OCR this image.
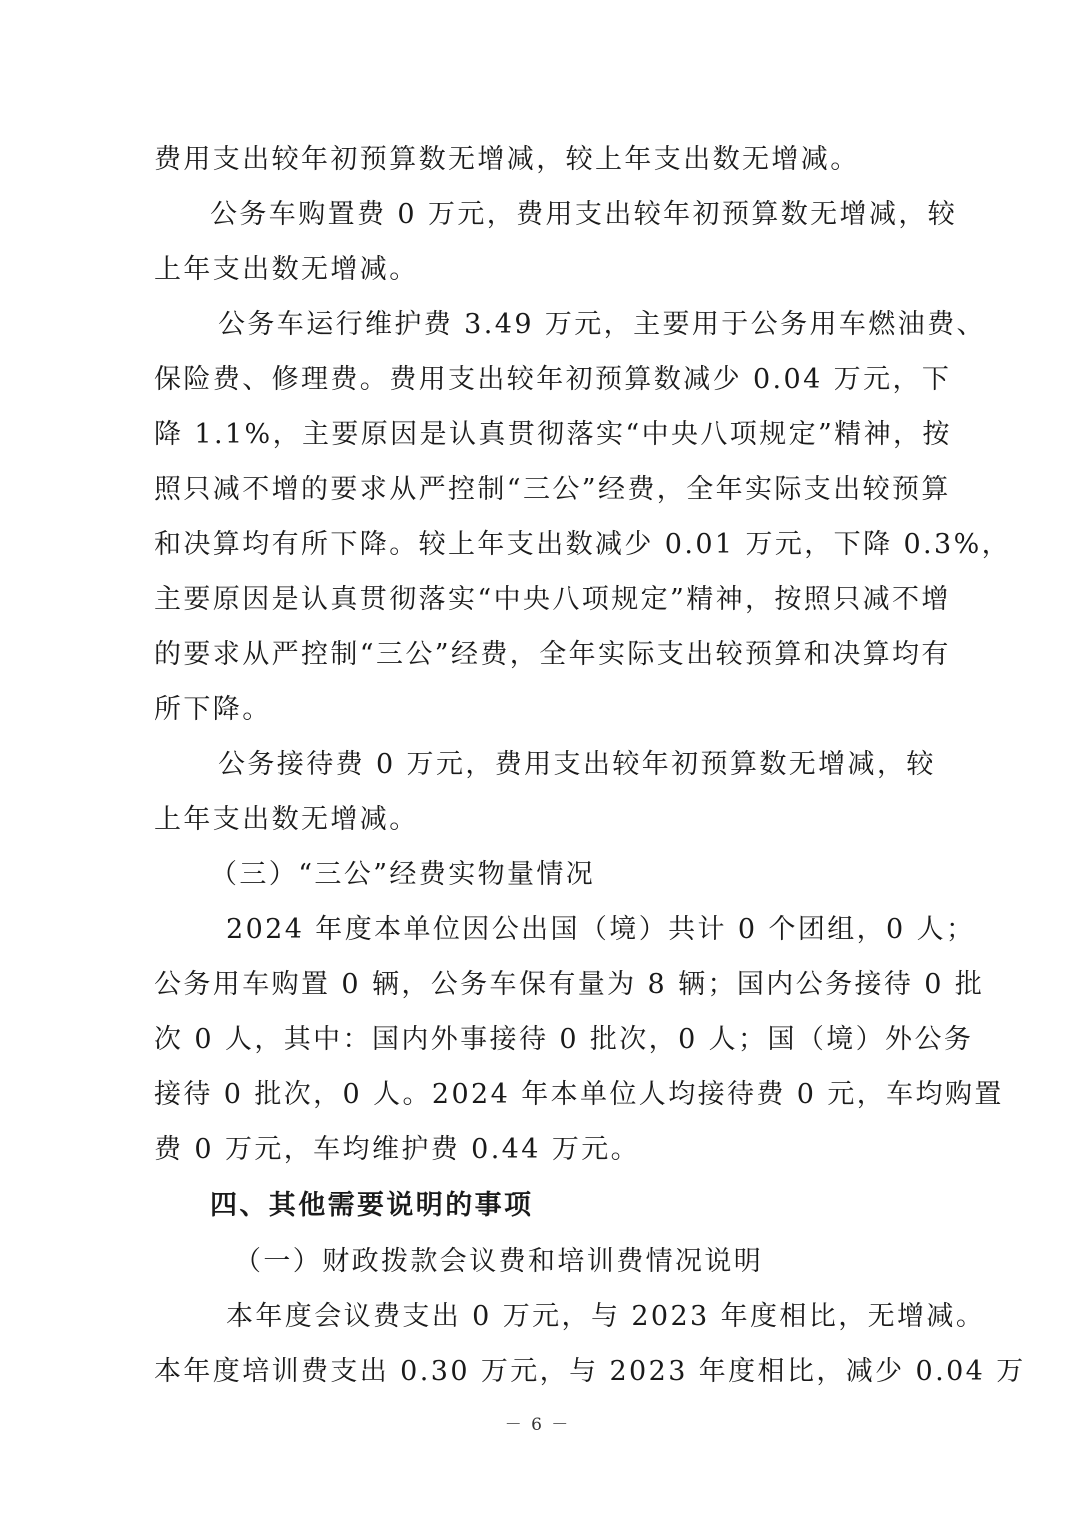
费用支出较年初预算数无增减，较上年支出数无增减。
公务车购置费 0 万元，费用支出较年初预算数无增减，较
上年支出数无增减。
公务车运行维护费 3.49 万元，主要用于公务用车燃油费、
保险费、修理费。费用支出较年初预算数减少 0.04 万元，下
降 1.1%，主要原因是认真贯彻落实“中央八项规定”精神，按
照只减不增的要求从严控制“三公”经费，全年实际支出较预算
和决算均有所下降。较上年支出数减少 0.01 万元，下降 0.3%，
主要原因是认真贯彻落实“中央八项规定”精神，按照只减不增
的要求从严控制“三公”经费，全年实际支出较预算和决算均有
所下降。
公务接待费 0 万元，费用支出较年初预算数无增减，较
上年支出数无增减。
（三）“三公”经费实物量情况
2024 年度本单位因公出国（境）共计 0 个团组，0 人；
公务用车购置 0 辆，公务车保有量为 8 辆；国内公务接待 0 批
次 0 人，其中：国内外事接待 0 批次，0 人；国（境）外公务
接待 0 批次，0 人。2024 年本单位人均接待费 0 元，车均购置
费 0 万元，车均维护费 0.44 万元。
四、其他需要说明的事项
（一）财政拨款会议费和培训费情况说明
本年度会议费支出 0 万元，与 2023 年度相比，无增减。
本年度培训费支出 0.30 万元，与 2023 年度相比，减少 0.04 万
－ 6 －
